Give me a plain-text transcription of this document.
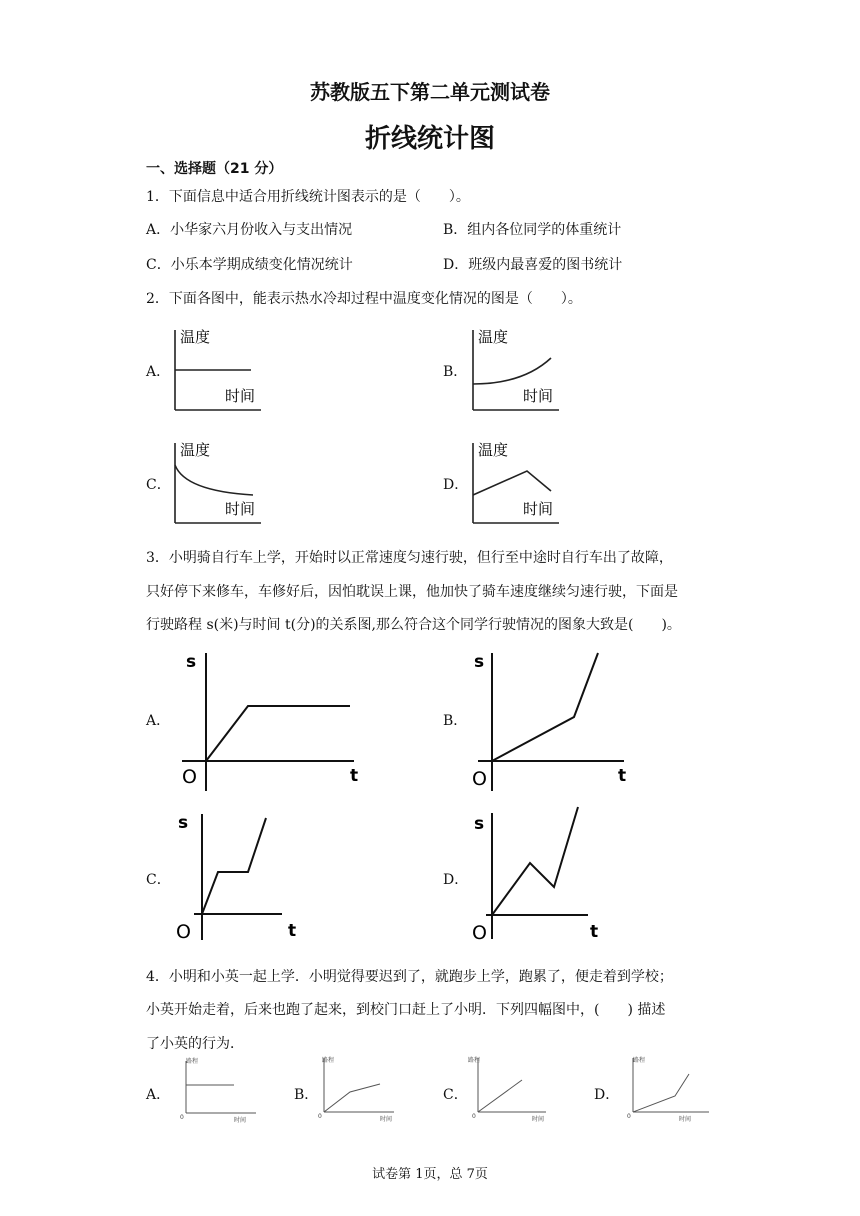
苏教版五下第二单元测试卷
折线统计图
一、选择题（21 分）
1．下面信息中适合用折线统计图表示的是（　　）。
A．小华家六月份收入与支出情况	B．组内各位同学的体重统计
C．小乐本学期成绩变化情况统计	D．班级内最喜爱的图书统计
2．下面各图中，能表示热水冷却过程中温度变化情况的图是（　　）。
A．
温度
时间
B．
温度
时间
C．
温度
时间
D．
温度
时间
3．小明骑自行车上学，开始时以正常速度匀速行驶，但行至中途时自行车出了故障，
只好停下来修车，车修好后，因怕耽误上课，他加快了骑车速度继续匀速行驶，下面是
行驶路程 s(米)与时间 t(分)的关系图,那么符合这个同学行驶情况的图象大致是(　　)。
A．
s
t
O
B．
s
t
O
C．
s
t
O
D．
s
t
O
4．小明和小英一起上学．小明觉得要迟到了，就跑步上学，跑累了，便走着到学校；
小英开始走着，后来也跑了起来，到校门口赶上了小明．下列四幅图中，(　　) 描述
了小英的行为．
A．
路程
时间
0
B．
路程
时间
0
C．
路程
时间
0
D．
路程
时间
0
试卷第 1页，总 7页
